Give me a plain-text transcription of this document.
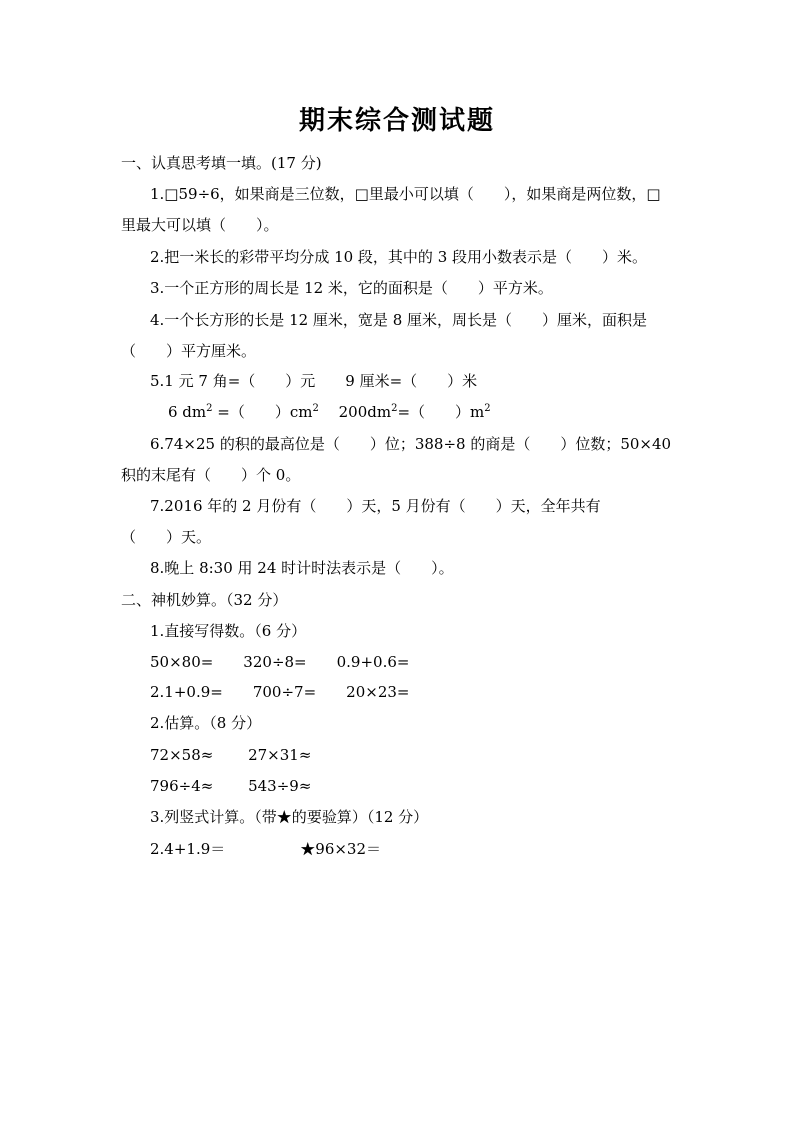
期末综合测试题
一、认真思考填一填。(17 分)
1.□59÷6，如果商是三位数，□里最小可以填（　　），如果商是两位数，□
里最大可以填（　　）。
2.把一米长的彩带平均分成 10 段，其中的 3 段用小数表示是（　　）米。
3.一个正方形的周长是 12 米，它的面积是（　　）平方米。
4.一个长方形的长是 12 厘米，宽是 8 厘米，周长是（　　）厘米，面积是
（　　）平方厘米。
5.1 元 7 角=（　　）元　　9 厘米=（　　）米
6 $dm^2$ =（　　）$cm^2$　 $200dm^2=$（　　）$m^2$
6.74×25 的积的最高位是（　　）位；388÷8 的商是（　　）位数；50×40
积的末尾有（　　）个 0。
7.2016 年的 2 月份有（　　）天，5 月份有（　　）天，全年共有
（　　）天。
8.晚上 8:30 用 24 时计时法表示是（　　）。
二、神机妙算。（32 分）
1.直接写得数。（6 分）
50×80=　　320÷8=　　0.9+0.6=
2.1+0.9=　　700÷7=　　20×23=
2.估算。（8 分）
72×58≈　　 27×31≈
796÷4≈　　 543÷9≈
3.列竖式计算。（带★的要验算）（12 分）
2.4+1.9＝　　　　　★96×32＝
